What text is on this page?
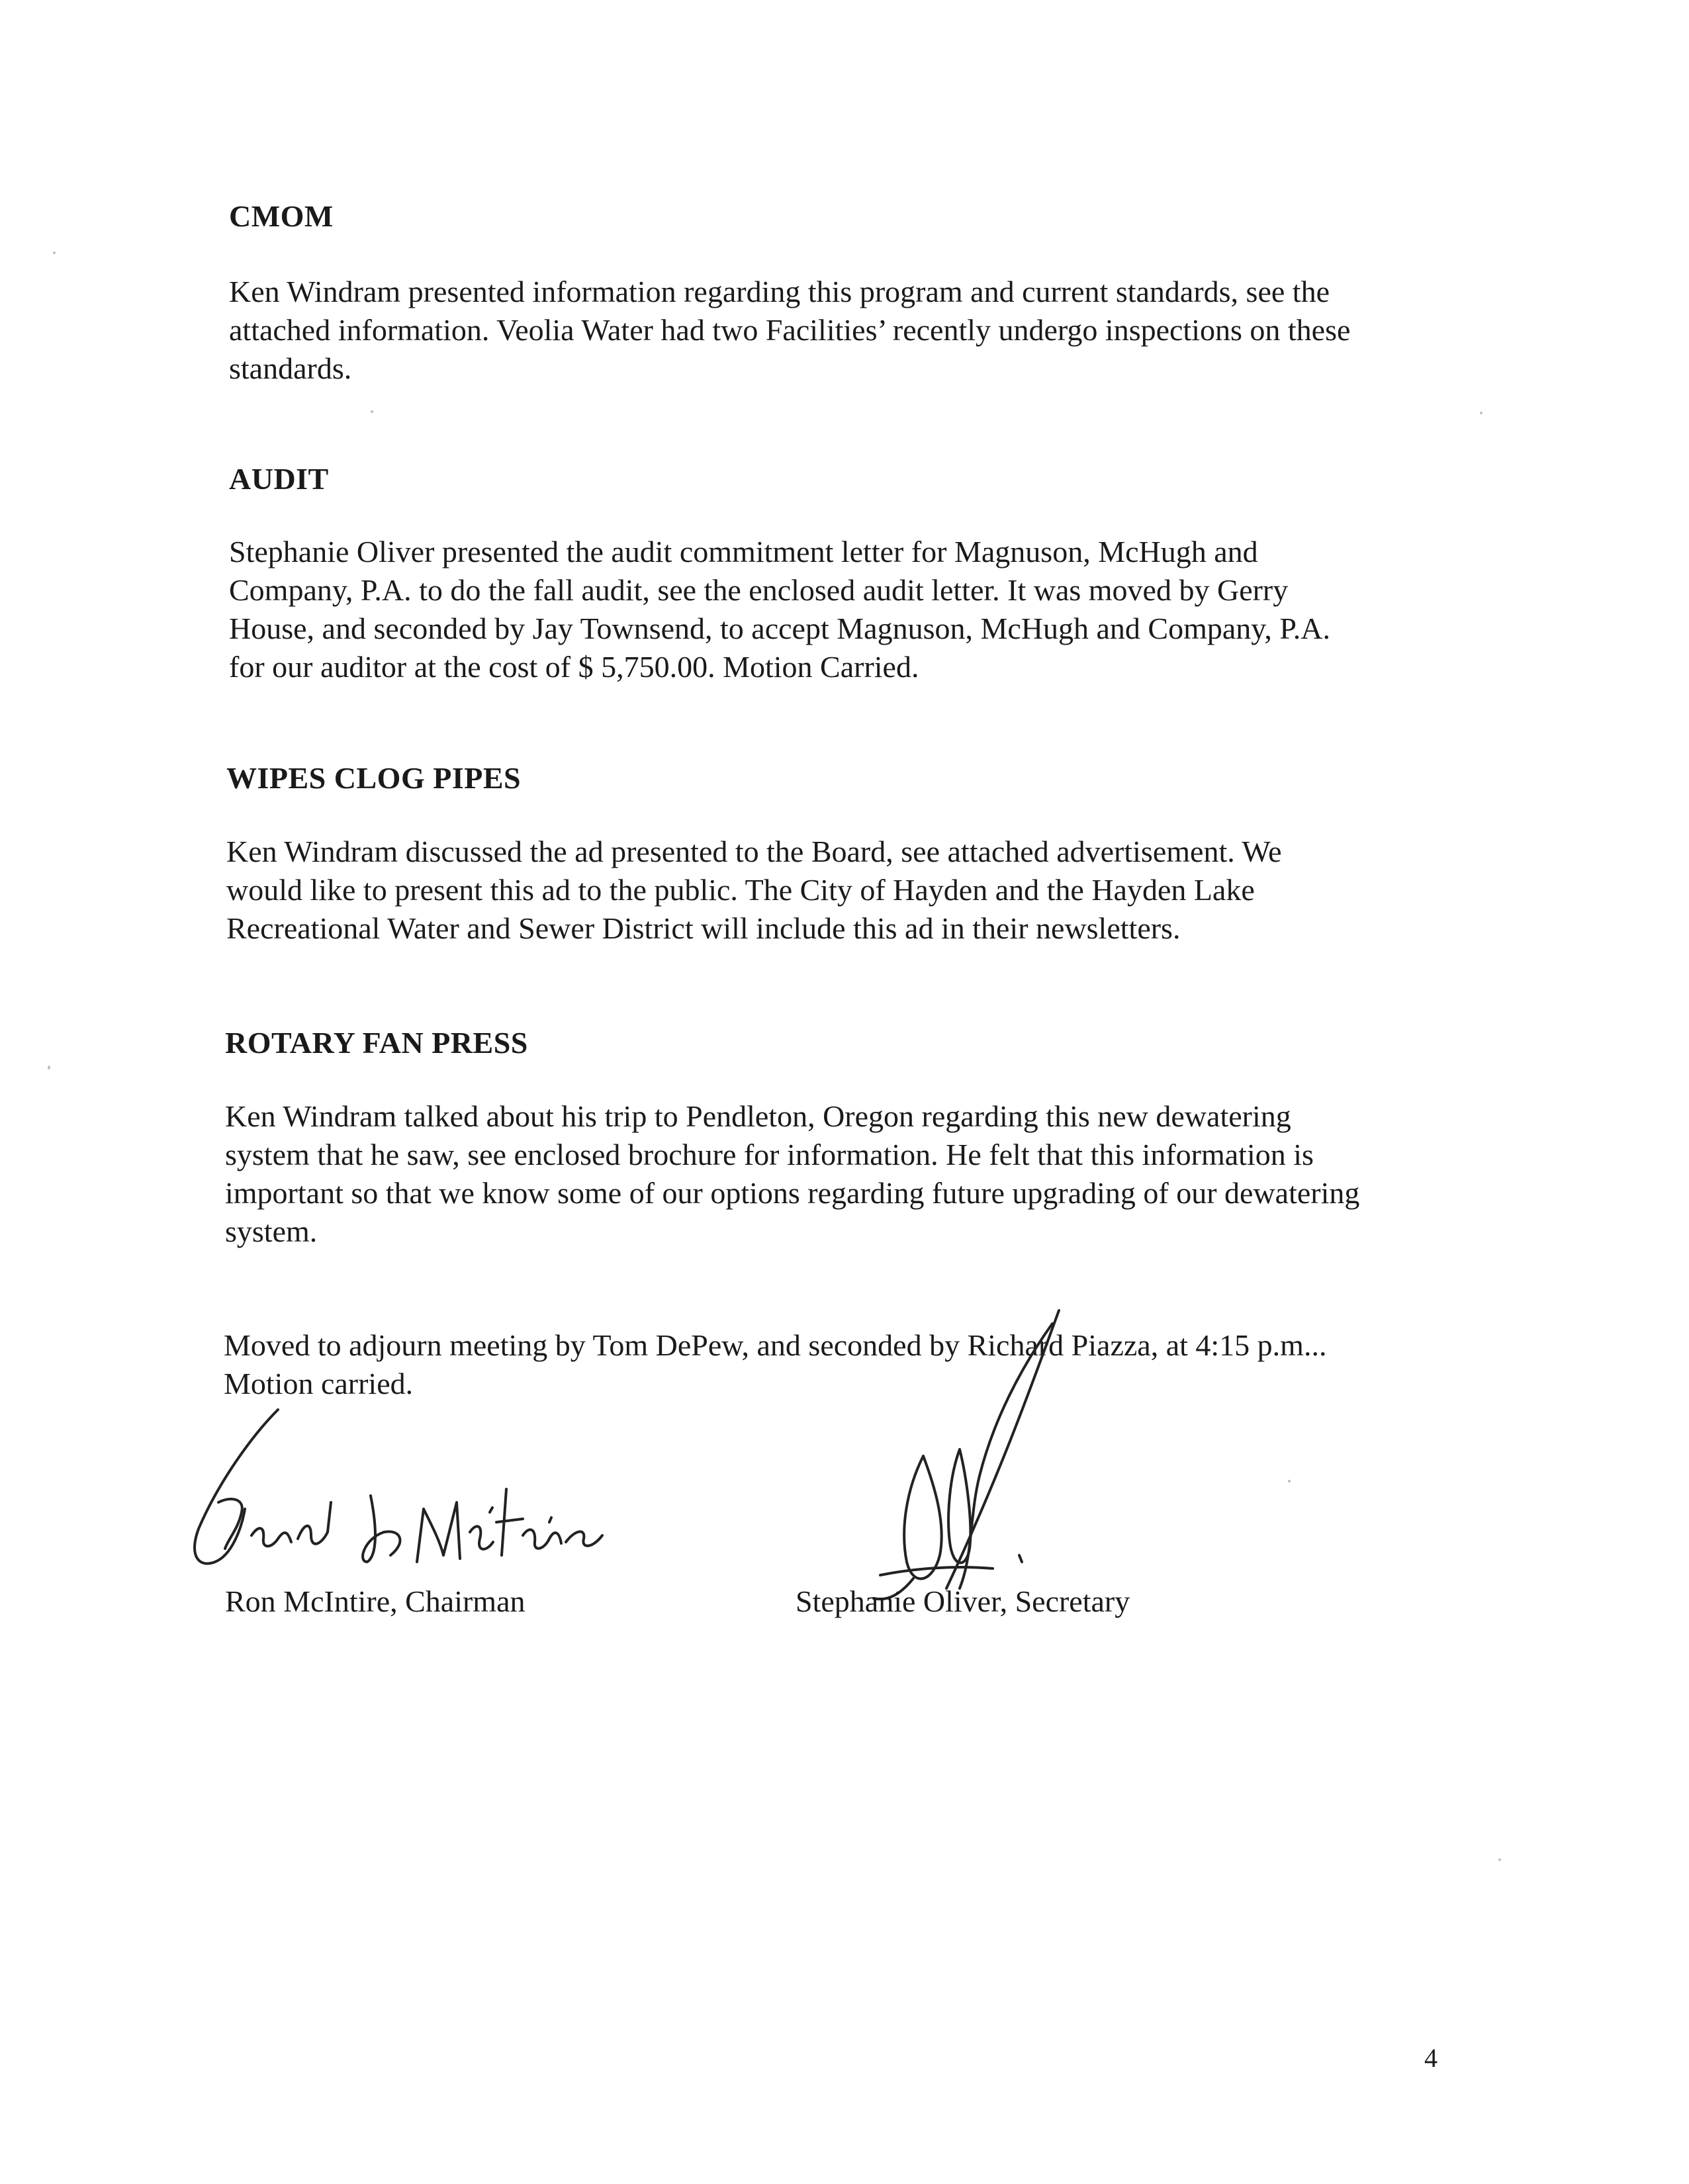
CMOM
Ken Windram presented information regarding this program and current standards, see the
attached information. Veolia Water had two Facilities’ recently undergo inspections on these
standards.
AUDIT
Stephanie Oliver presented the audit commitment letter for Magnuson, McHugh and
Company, P.A. to do the fall audit, see the enclosed audit letter. It was moved by Gerry
House, and seconded by Jay Townsend, to accept Magnuson, McHugh and Company, P.A.
for our auditor at the cost of $ 5,750.00. Motion Carried.
WIPES CLOG PIPES
Ken Windram discussed the ad presented to the Board, see attached advertisement. We
would like to present this ad to the public. The City of Hayden and the Hayden Lake
Recreational Water and Sewer District will include this ad in their newsletters.
ROTARY FAN PRESS
Ken Windram talked about his trip to Pendleton, Oregon regarding this new dewatering
system that he saw, see enclosed brochure for information. He felt that this information is
important so that we know some of our options regarding future upgrading of our dewatering
system.
Moved to adjourn meeting by Tom DePew, and seconded by Richard Piazza, at 4:15 p.m...
Motion carried.
Ron McIntire, Chairman	Stephanie Oliver, Secretary
4
